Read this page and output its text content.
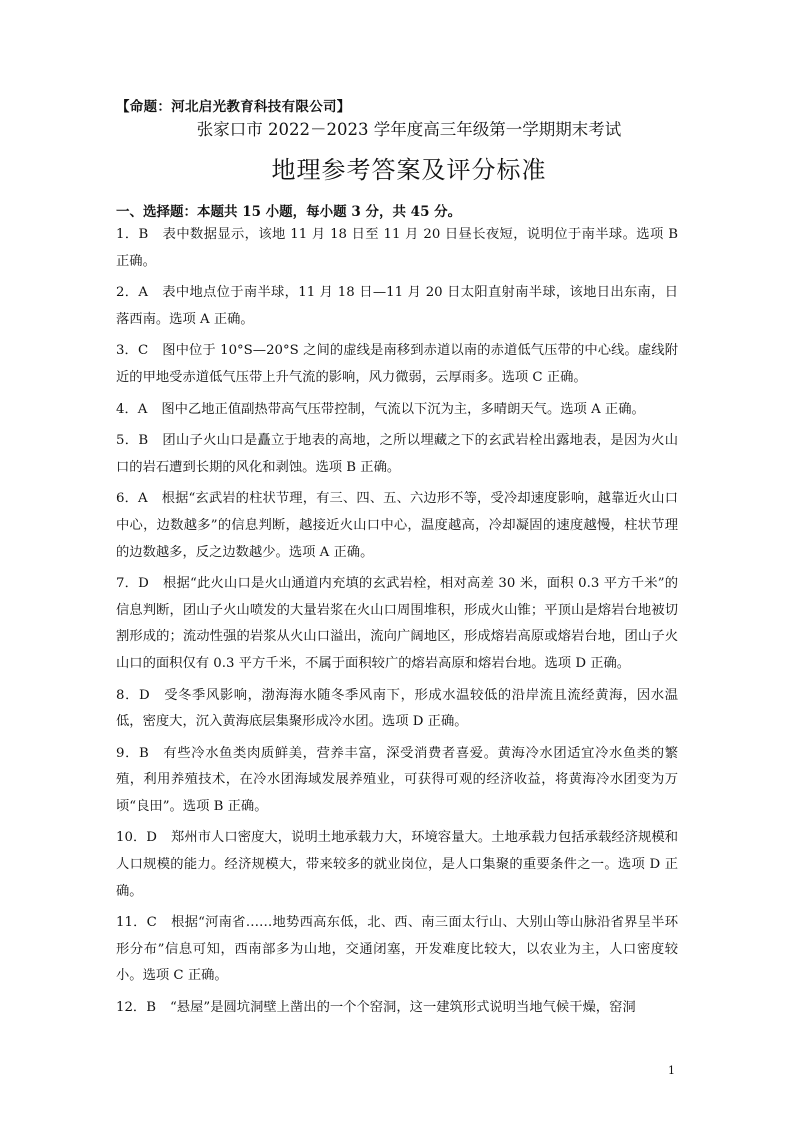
【命题：河北启光教育科技有限公司】
张家口市 2022－2023 学年度高三年级第一学期期末考试
地理参考答案及评分标准
一、选择题：本题共 15 小题，每小题 3 分，共 45 分。
1．B 表中数据显示，该地 11 月 18 日至 11 月 20 日昼长夜短，说明位于南半球。选项 B 正确。
2．A 表中地点位于南半球，11 月 18 日—11 月 20 日太阳直射南半球，该地日出东南，日落西南。选项 A 正确。
3．C 图中位于 10°S—20°S 之间的虚线是南移到赤道以南的赤道低气压带的中心线。虚线附近的甲地受赤道低气压带上升气流的影响，风力微弱，云厚雨多。选项 C 正确。
4．A 图中乙地正值副热带高气压带控制，气流以下沉为主，多晴朗天气。选项 A 正确。
5．B 团山子火山口是矗立于地表的高地，之所以埋藏之下的玄武岩栓出露地表，是因为火山口的岩石遭到长期的风化和剥蚀。选项 B 正确。
6．A 根据“玄武岩的柱状节理，有三、四、五、六边形不等，受冷却速度影响，越靠近火山口中心，边数越多”的信息判断，越接近火山口中心，温度越高，冷却凝固的速度越慢，柱状节理的边数越多，反之边数越少。选项 A 正确。
7．D 根据“此火山口是火山通道内充填的玄武岩栓，相对高差 30 米，面积 0.3 平方千米”的信息判断，团山子火山喷发的大量岩浆在火山口周围堆积，形成火山锥；平顶山是熔岩台地被切割形成的；流动性强的岩浆从火山口溢出，流向广阔地区，形成熔岩高原或熔岩台地，团山子火山口的面积仅有 0.3 平方千米，不属于面积较广的熔岩高原和熔岩台地。选项 D 正确。
8．D 受冬季风影响，渤海海水随冬季风南下，形成水温较低的沿岸流且流经黄海，因水温低，密度大，沉入黄海底层集聚形成冷水团。选项 D 正确。
9．B 有些冷水鱼类肉质鲜美，营养丰富，深受消费者喜爱。黄海冷水团适宜冷水鱼类的繁殖，利用养殖技术，在冷水团海域发展养殖业，可获得可观的经济收益，将黄海冷水团变为万顷“良田”。选项 B 正确。
10．D 郑州市人口密度大，说明土地承载力大，环境容量大。土地承载力包括承载经济规模和人口规模的能力。经济规模大，带来较多的就业岗位，是人口集聚的重要条件之一。选项 D 正确。
11．C 根据“河南省……地势西高东低，北、西、南三面太行山、大别山等山脉沿省界呈半环形分布”信息可知，西南部多为山地，交通闭塞，开发难度比较大，以农业为主，人口密度较小。选项 C 正确。
12．B “悬屋”是圆坑洞壁上凿出的一个个窑洞，这一建筑形式说明当地气候干燥，窑洞
1
